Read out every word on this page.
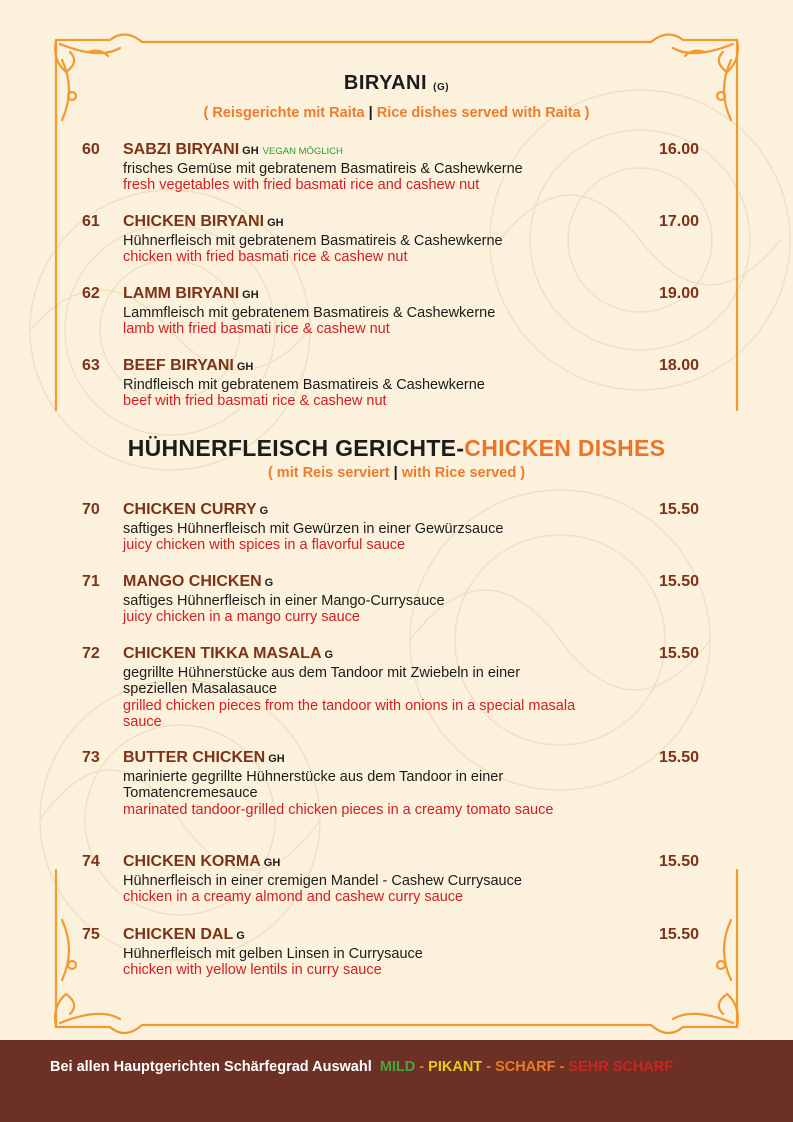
BIRYANI (G)
( Reisgerichte mit Raita | Rice dishes served with Raita )
60 SABZI BIRYANI GH VEGAN MÖGLICH	16.00
frisches Gemüse mit gebratenem Basmatireis & Cashewkerne
fresh vegetables with fried basmati rice and cashew nut
61 CHICKEN BIRYANI GH	17.00
Hühnerfleisch mit gebratenem Basmatireis & Cashewkerne
chicken with fried basmati rice & cashew nut
62 LAMM BIRYANI GH	19.00
Lammfleisch mit gebratenem Basmatireis & Cashewkerne
lamb with fried basmati rice & cashew nut
63 BEEF BIRYANI GH	18.00
Rindfleisch mit gebratenem Basmatireis & Cashewkerne
beef with fried basmati rice & cashew nut
HÜHNERFLEISCH GERICHTE-CHICKEN DISHES
( mit Reis serviert | with Rice served )
70 CHICKEN CURRY G	15.50
saftiges Hühnerfleisch mit Gewürzen in einer Gewürzsauce
juicy chicken with spices in a flavorful sauce
71 MANGO CHICKEN G	15.50
saftiges Hühnerfleisch in einer Mango-Currysauce
juicy chicken in a mango curry sauce
72 CHICKEN TIKKA MASALA G	15.50
gegrillte Hühnerstücke aus dem Tandoor mit Zwiebeln in einer speziellen Masalasauce
grilled chicken pieces from the tandoor with onions in a special masala sauce
73 BUTTER CHICKEN GH	15.50
marinierte gegrillte Hühnerstücke aus dem Tandoor in einer Tomatencremesauce
marinated tandoor-grilled chicken pieces in a creamy tomato sauce
74 CHICKEN KORMA GH	15.50
Hühnerfleisch in einer cremigen Mandel - Cashew Currysauce
chicken in a creamy almond and cashew curry sauce
75 CHICKEN DAL G	15.50
Hühnerfleisch mit gelben Linsen in Currysauce
chicken with yellow lentils in curry sauce
Bei allen Hauptgerichten Schärfegrad Auswahl MILD - PIKANT - SCHARF - SEHR SCHARF
